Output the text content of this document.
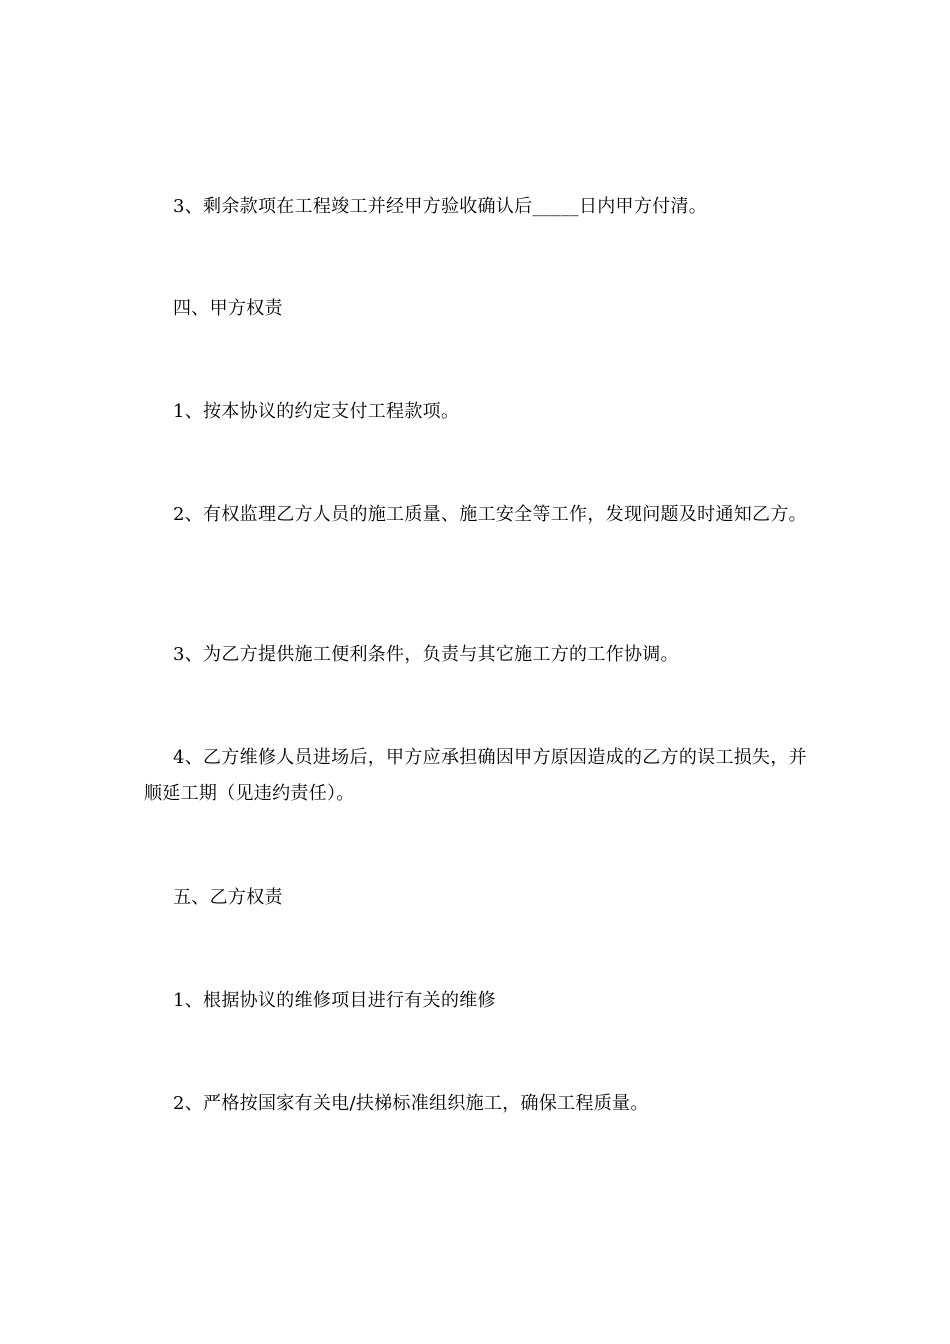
3、剩余款项在工程竣工并经甲方验收确认后_____日内甲方付清。

四、甲方权责

1、按本协议的约定支付工程款项。

2、有权监理乙方人员的施工质量、施工安全等工作，发现问题及时通知乙方。

3、为乙方提供施工便利条件，负责与其它施工方的工作协调。

4、乙方维修人员进场后，甲方应承担确因甲方原因造成的乙方的误工损失，并顺延工期（见违约责任）。

五、乙方权责

1、根据协议的维修项目进行有关的维修

2、严格按国家有关电/扶梯标准组织施工，确保工程质量。
